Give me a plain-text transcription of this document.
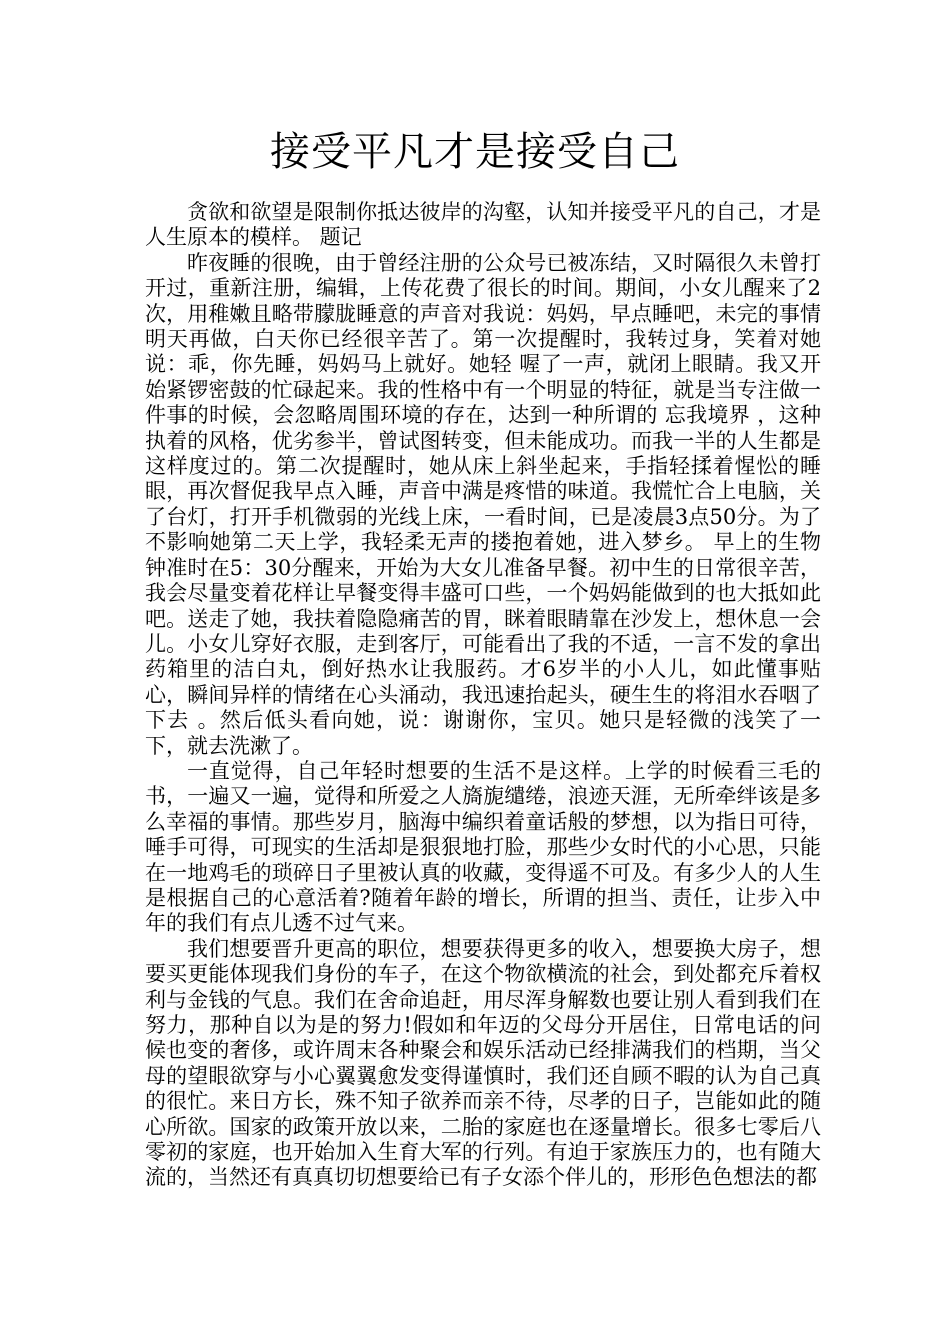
接受平凡才是接受自己

贪欲和欲望是限制你抵达彼岸的沟壑，认知并接受平凡的自己，才是人生原本的模样。 题记

昨夜睡的很晚，由于曾经注册的公众号已被冻结，又时隔很久未曾打开过，重新注册，编辑，上传花费了很长的时间。期间，小女儿醒来了2次，用稚嫩且略带朦胧睡意的声音对我说：妈妈，早点睡吧，未完的事情明天再做，白天你已经很辛苦了。第一次提醒时，我转过身，笑着对她说：乖，你先睡，妈妈马上就好。她轻 喔了一声，就闭上眼睛。我又开始紧锣密鼓的忙碌起来。我的性格中有一个明显的特征，就是当专注做一件事的时候，会忽略周围环境的存在，达到一种所谓的 忘我境界 ，这种执着的风格，优劣参半，曾试图转变，但未能成功。而我一半的人生都是这样度过的。第二次提醒时，她从床上斜坐起来，手指轻揉着惺忪的睡眼，再次督促我早点入睡，声音中满是疼惜的味道。我慌忙合上电脑，关了台灯，打开手机微弱的光线上床，一看时间，已是凌晨3点50分。为了不影响她第二天上学，我轻柔无声的搂抱着她，进入梦乡。 早上的生物钟准时在5：30分醒来，开始为大女儿准备早餐。初中生的日常很辛苦，我会尽量变着花样让早餐变得丰盛可口些，一个妈妈能做到的也大抵如此吧。送走了她，我扶着隐隐痛苦的胃，眯着眼睛靠在沙发上，想休息一会儿。小女儿穿好衣服，走到客厅，可能看出了我的不适，一言不发的拿出药箱里的洁白丸，倒好热水让我服药。才6岁半的小人儿，如此懂事贴心，瞬间异样的情绪在心头涌动，我迅速抬起头，硬生生的将泪水吞咽了下去 。然后低头看向她，说：谢谢你，宝贝。她只是轻微的浅笑了一下，就去洗漱了。

一直觉得，自己年轻时想要的生活不是这样。上学的时候看三毛的书，一遍又一遍，觉得和所爱之人旖旎缱绻，浪迹天涯，无所牵绊该是多么幸福的事情。那些岁月，脑海中编织着童话般的梦想，以为指日可待，唾手可得，可现实的生活却是狠狠地打脸，那些少女时代的小心思，只能在一地鸡毛的琐碎日子里被认真的收藏，变得遥不可及。有多少人的人生是根据自己的心意活着?随着年龄的增长，所谓的担当、责任，让步入中年的我们有点儿透不过气来。

我们想要晋升更高的职位，想要获得更多的收入，想要换大房子，想要买更能体现我们身份的车子，在这个物欲横流的社会，到处都充斥着权利与金钱的气息。我们在舍命追赶，用尽浑身解数也要让别人看到我们在努力，那种自以为是的努力!假如和年迈的父母分开居住，日常电话的问候也变的奢侈，或许周末各种聚会和娱乐活动已经排满我们的档期，当父母的望眼欲穿与小心翼翼愈发变得谨慎时，我们还自顾不暇的认为自己真的很忙。来日方长，殊不知子欲养而亲不待，尽孝的日子，岂能如此的随心所欲。国家的政策开放以来，二胎的家庭也在逐量增长。很多七零后八零初的家庭，也开始加入生育大军的行列。有迫于家族压力的，也有随大流的，当然还有真真切切想要给已有子女添个伴儿的，形形色色想法的都
